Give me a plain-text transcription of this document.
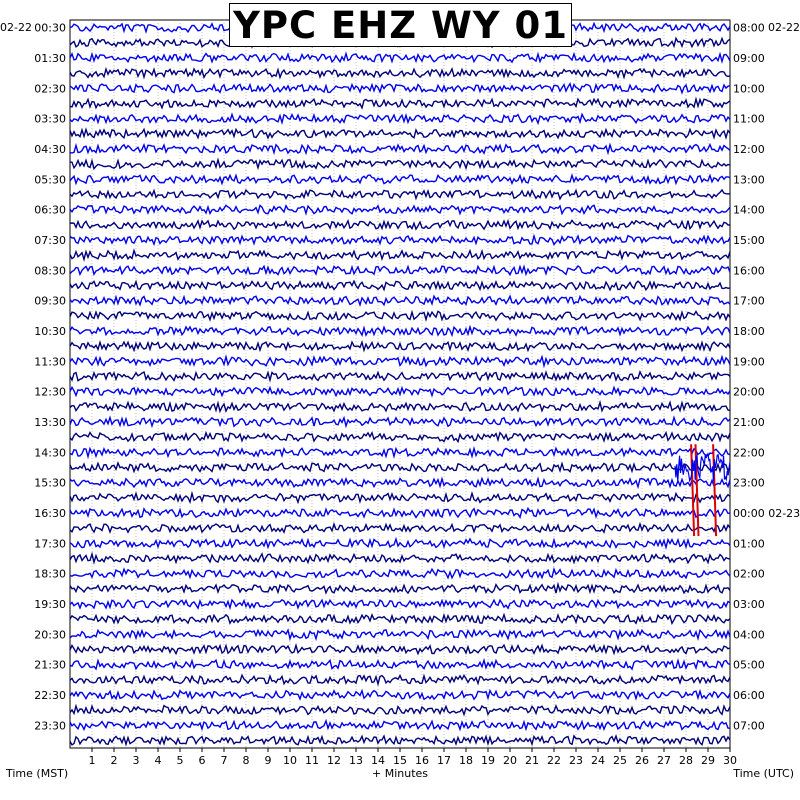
1 2 3 4 5 6 7 8 9 10 11 12 13 14 15 16 17 18 19 20 21 22 23 24 25 26 27 28 29 30
00:30
01:30
02:30
03:30
04:30
05:30
06:30
07:30
08:30
09:30
10:30
11:30
12:30
13:30
14:30
15:30
16:30
17:30
18:30
19:30
20:30
21:30
22:30
23:30
08:00
09:00
10:00
11:00
12:00
13:00
14:00
15:00
16:00
17:00
18:00
19:00
20:00
21:00
22:00
23:00
00:00 02-23
01:00
02:00
03:00
04:00
05:00
06:00
07:00
02-22	02-22
Time (MST)	+ Minutes	Time (UTC)
YPC EHZ WY 01
